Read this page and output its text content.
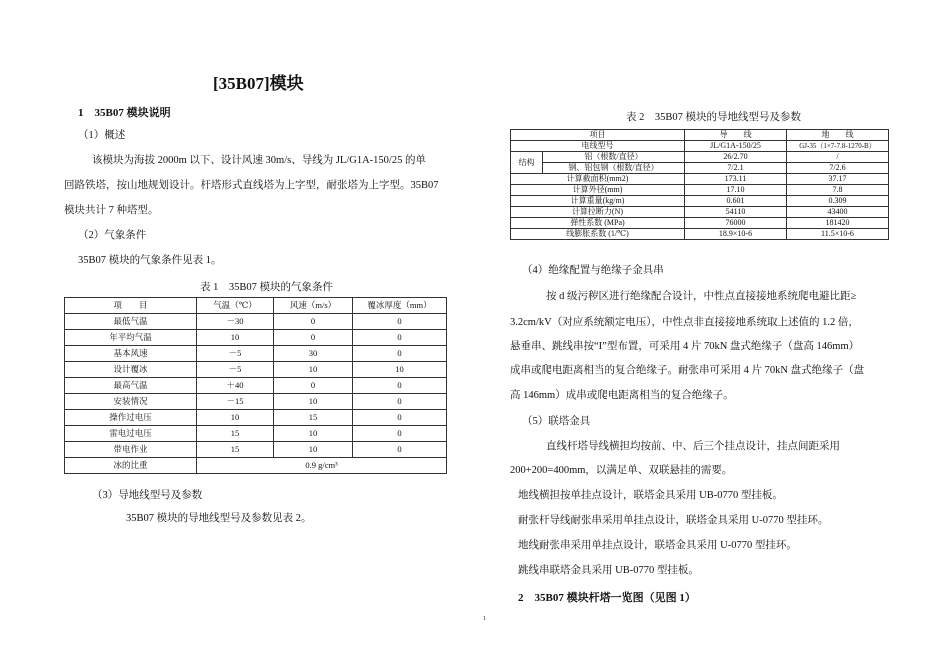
[35B07]模块
1　35B07 模块说明
（1）概述
该模块为海拔 2000m 以下、设计风速 30m/s、导线为 JL/G1A-150/25 的单
回路铁塔，按山地规划设计。杆塔形式直线塔为上字型，耐张塔为上字型。35B07
模块共计 7 种塔型。
（2）气象条件
35B07 模块的气象条件见表 1。
表 1　35B07 模块的气象条件
项　　目	气温（℃）	风速（m/s）	覆冰厚度（mm）
最低气温	－30	0	0
年平均气温	10	0	0
基本风速	－5	30	0
设计覆冰	－5	10	10
最高气温	＋40	0	0
安装情况	－15	10	0
操作过电压	10	15	0
雷电过电压	15	10	0
带电作业	15	10	0
冰的比重	0.9 g/cm³		
（3）导地线型号及参数
35B07 模块的导地线型号及参数见表 2。
表 2　35B07 模块的导地线型号及参数
项目		导　　线	地　　线
电线型号		JL/G1A-150/25	GJ-35（1×7-7.8-1270-B）
结构	铝（根数/直径）	26/2.70	/
	钢、铝包钢（根数/直径）	7/2.1	7/2.6
计算截面积(mm2)		173.11	37.17
计算外径(mm)		17.10	7.8
计算重量(kg/m)		0.601	0.309
计算拉断力(N)		54110	43400
弹性系数 (MPa)		76000	181420
线膨胀系数 (1/℃)		18.9×10-6	11.5×10-6
（4）绝缘配置与绝缘子金具串
按 d 级污秽区进行绝缘配合设计，中性点直接接地系统爬电避比距≥
3.2cm/kV（对应系统额定电压），中性点非直接接地系统取上述值的 1.2 倍，
悬垂串、跳线串按“I”型布置，可采用 4 片 70kN 盘式绝缘子（盘高 146mm）
成串或爬电距离相当的复合绝缘子。耐张串可采用 4 片 70kN 盘式绝缘子（盘
高 146mm）成串或爬电距离相当的复合绝缘子。
（5）联塔金具
直线杆塔导线横担均按前、中、后三个挂点设计，挂点间距采用
200+200=400mm，以满足单、双联悬挂的需要。
地线横担按单挂点设计，联塔金具采用 UB-0770 型挂板。
耐张杆导线耐张串采用单挂点设计，联塔金具采用 U-0770 型挂环。
地线耐张串采用单挂点设计，联塔金具采用 U-0770 型挂环。
跳线串联塔金具采用 UB-0770 型挂板。
2　35B07 模块杆塔一览图（见图 1）
1
